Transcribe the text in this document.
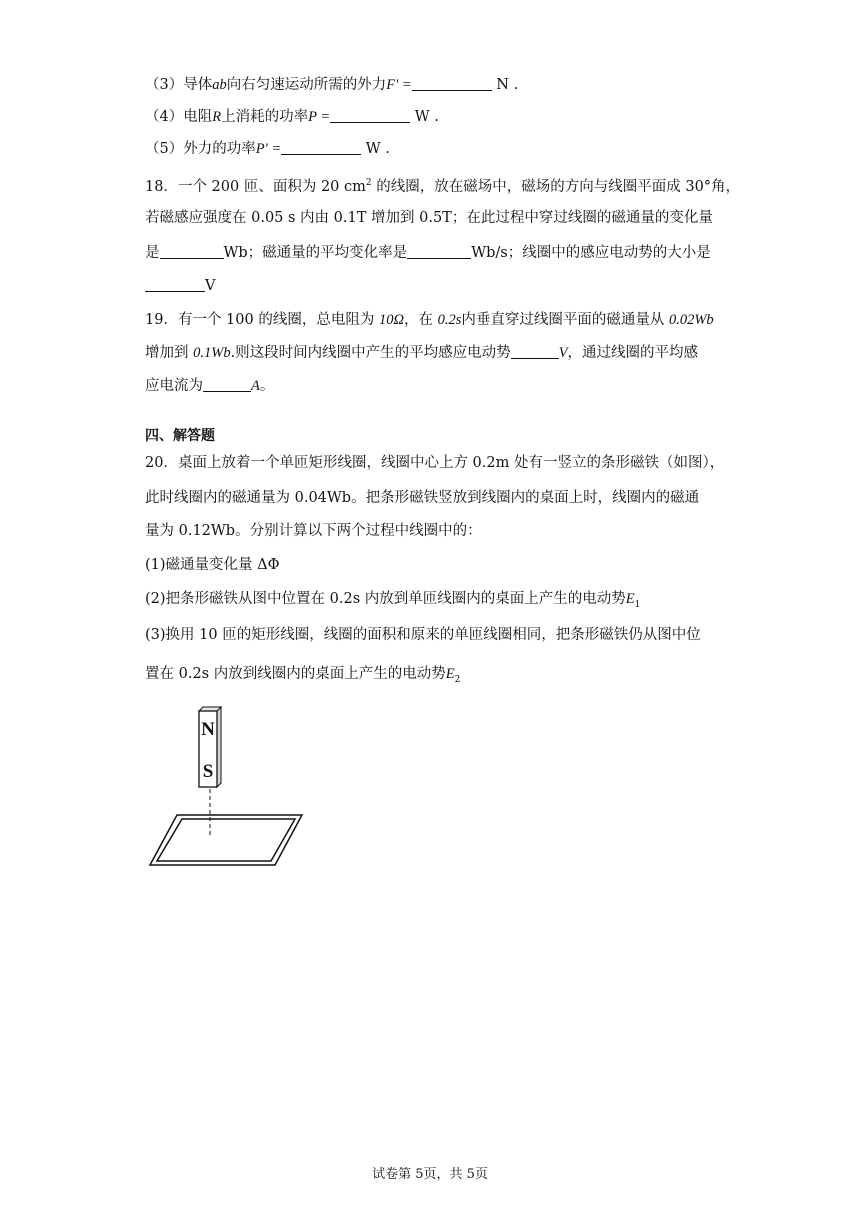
（3）导体ab向右匀速运动所需的外力F′ =	N .
（4）电阻R上消耗的功率P =	W .
（5）外力的功率P′ =	W .
18．一个 200 匝、面积为 20 $cm^2$ 的线圈，放在磁场中，磁场的方向与线圈平面成 30°角，
若磁感应强度在 0.05 s 内由 0.1T 增加到 0.5T；在此过程中穿过线圈的磁通量的变化量
是	Wb；磁通量的平均变化率是	Wb/s；线圈中的感应电动势的大小是
V
19．有一个 100 的线圈，总电阻为 10Ω，在 0.2s内垂直穿过线圈平面的磁通量从 0.02Wb
增加到 0.1Wb.则这段时间内线圈中产生的平均感应电动势	V，通过线圈的平均感
应电流为	A。
四、解答题
20．桌面上放着一个单匝矩形线圈，线圈中心上方 0.2m 处有一竖立的条形磁铁（如图），
此时线圈内的磁通量为 0.04Wb。把条形磁铁竖放到线圈内的桌面上时，线圈内的磁通
量为 0.12Wb。分别计算以下两个过程中线圈中的：
(1)磁通量变化量 ΔΦ
(2)把条形磁铁从图中位置在 0.2s 内放到单匝线圈内的桌面上产生的电动势$E_1$
(3)换用 10 匝的矩形线圈，线圈的面积和原来的单匝线圈相同，把条形磁铁仍从图中位
置在 0.2s 内放到线圈内的桌面上产生的电动势$E_2$
N
S
试卷第 5页，共 5页
